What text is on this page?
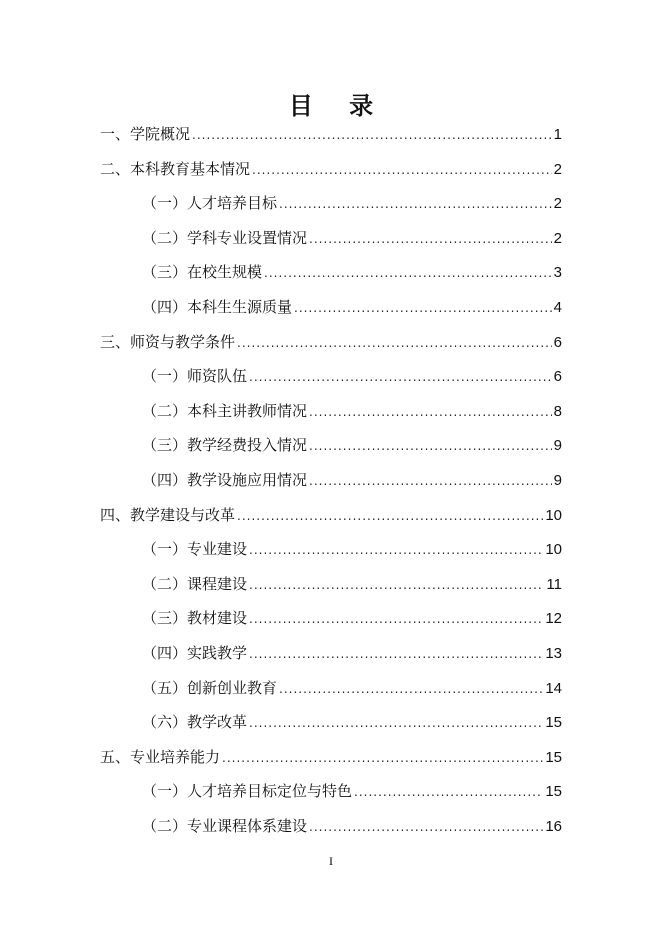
目 录
一、学院概况 .....	1
二、本科教育基本情况 .....	2
（一）人才培养目标 .....	2
（二）学科专业设置情况 .....	2
（三）在校生规模 .....	3
（四）本科生生源质量 .....	4
三、师资与教学条件 .....	6
（一）师资队伍 .....	6
（二）本科主讲教师情况 .....	8
（三）教学经费投入情况 .....	9
（四）教学设施应用情况 .....	9
四、教学建设与改革 .....	10
（一）专业建设 .....	10
（二）课程建设 .....	11
（三）教材建设 .....	12
（四）实践教学 .....	13
（五）创新创业教育 .....	14
（六）教学改革 .....	15
五、专业培养能力 .....	15
（一）人才培养目标定位与特色 .....	15
（二）专业课程体系建设 .....	16
I
